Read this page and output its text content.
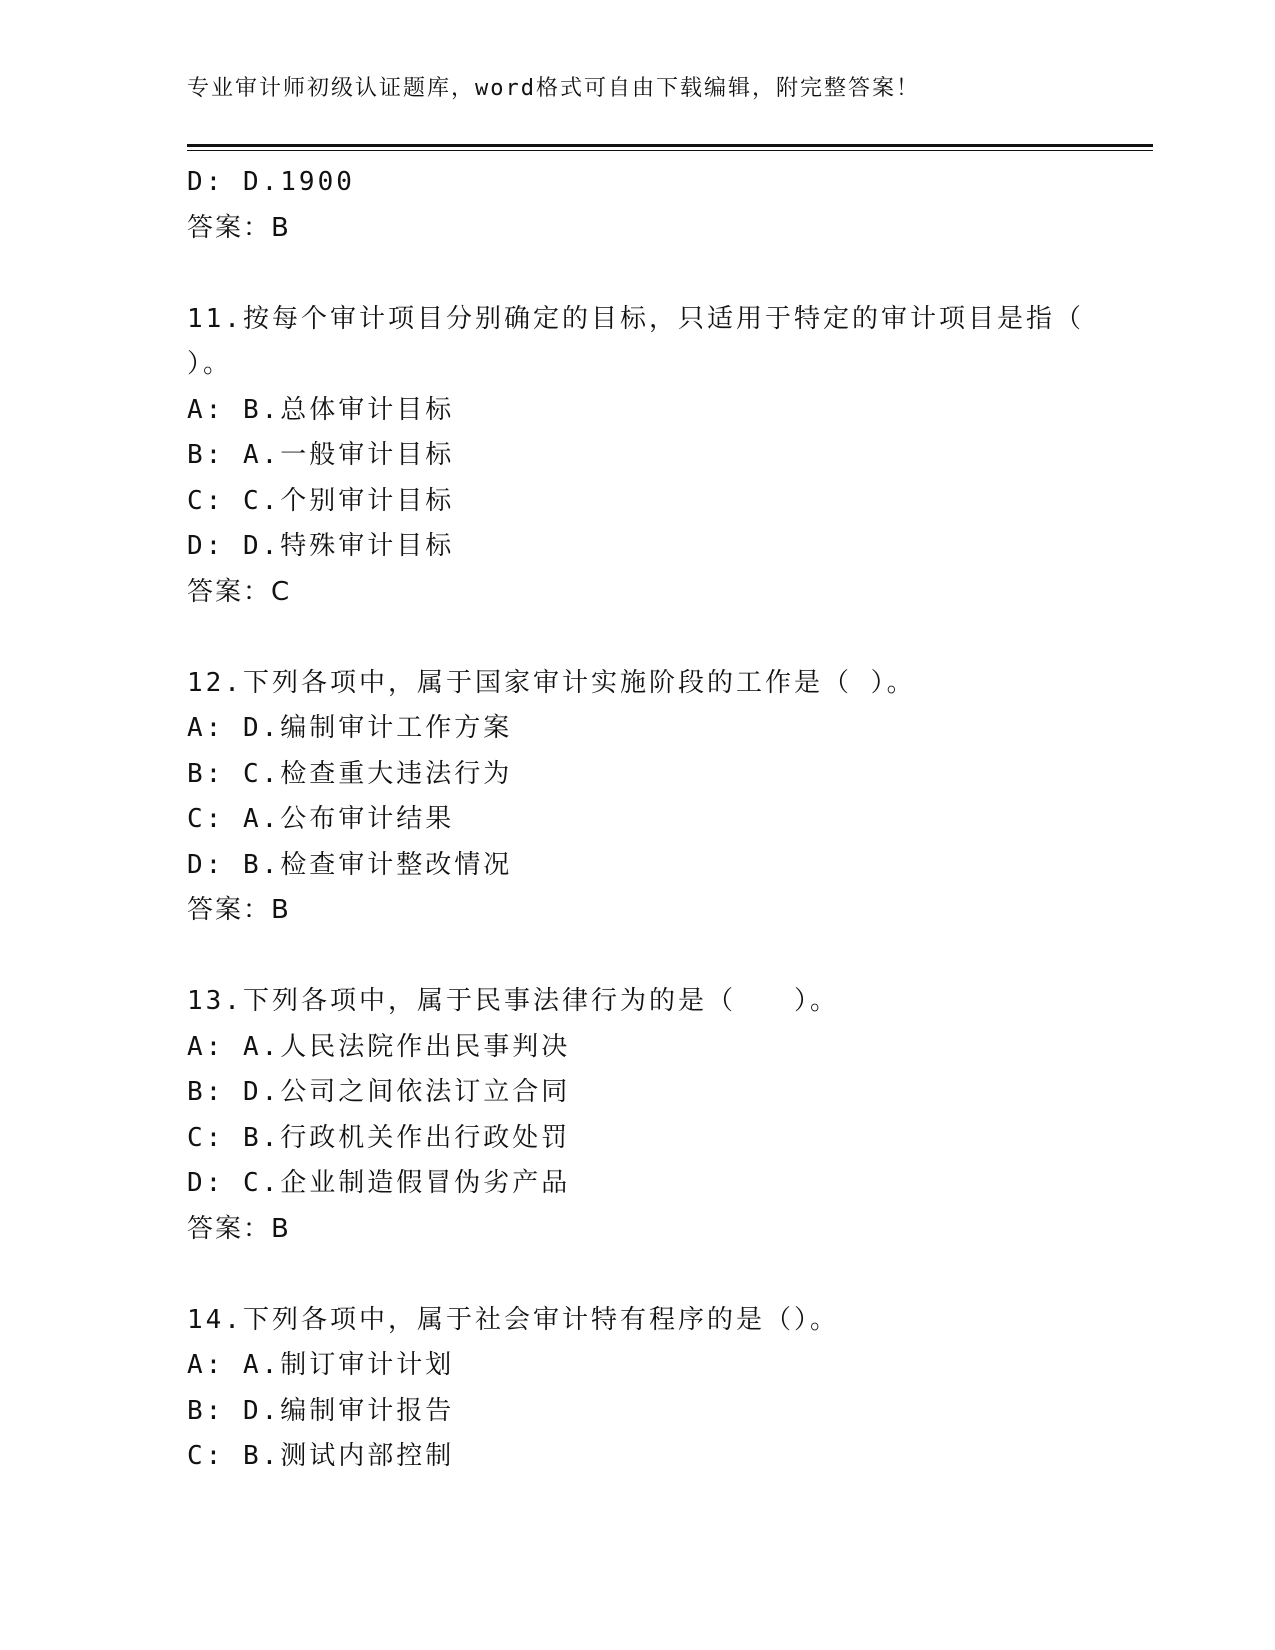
专业审计师初级认证题库，word格式可自由下载编辑，附完整答案！
D: D.1900
答案：B
11.按每个审计项目分别确定的目标，只适用于特定的审计项目是指（
）。
A: B.总体审计目标
B: A.一般审计目标
C: C.个别审计目标
D: D.特殊审计目标
答案：C
12.下列各项中，属于国家审计实施阶段的工作是（ ）。
A: D.编制审计工作方案
B: C.检查重大违法行为
C: A.公布审计结果
D: B.检查审计整改情况
答案：B
13.下列各项中，属于民事法律行为的是（　　）。
A: A.人民法院作出民事判决
B: D.公司之间依法订立合同
C: B.行政机关作出行政处罚
D: C.企业制造假冒伪劣产品
答案：B
14.下列各项中，属于社会审计特有程序的是（）。
A: A.制订审计计划
B: D.编制审计报告
C: B.测试内部控制
